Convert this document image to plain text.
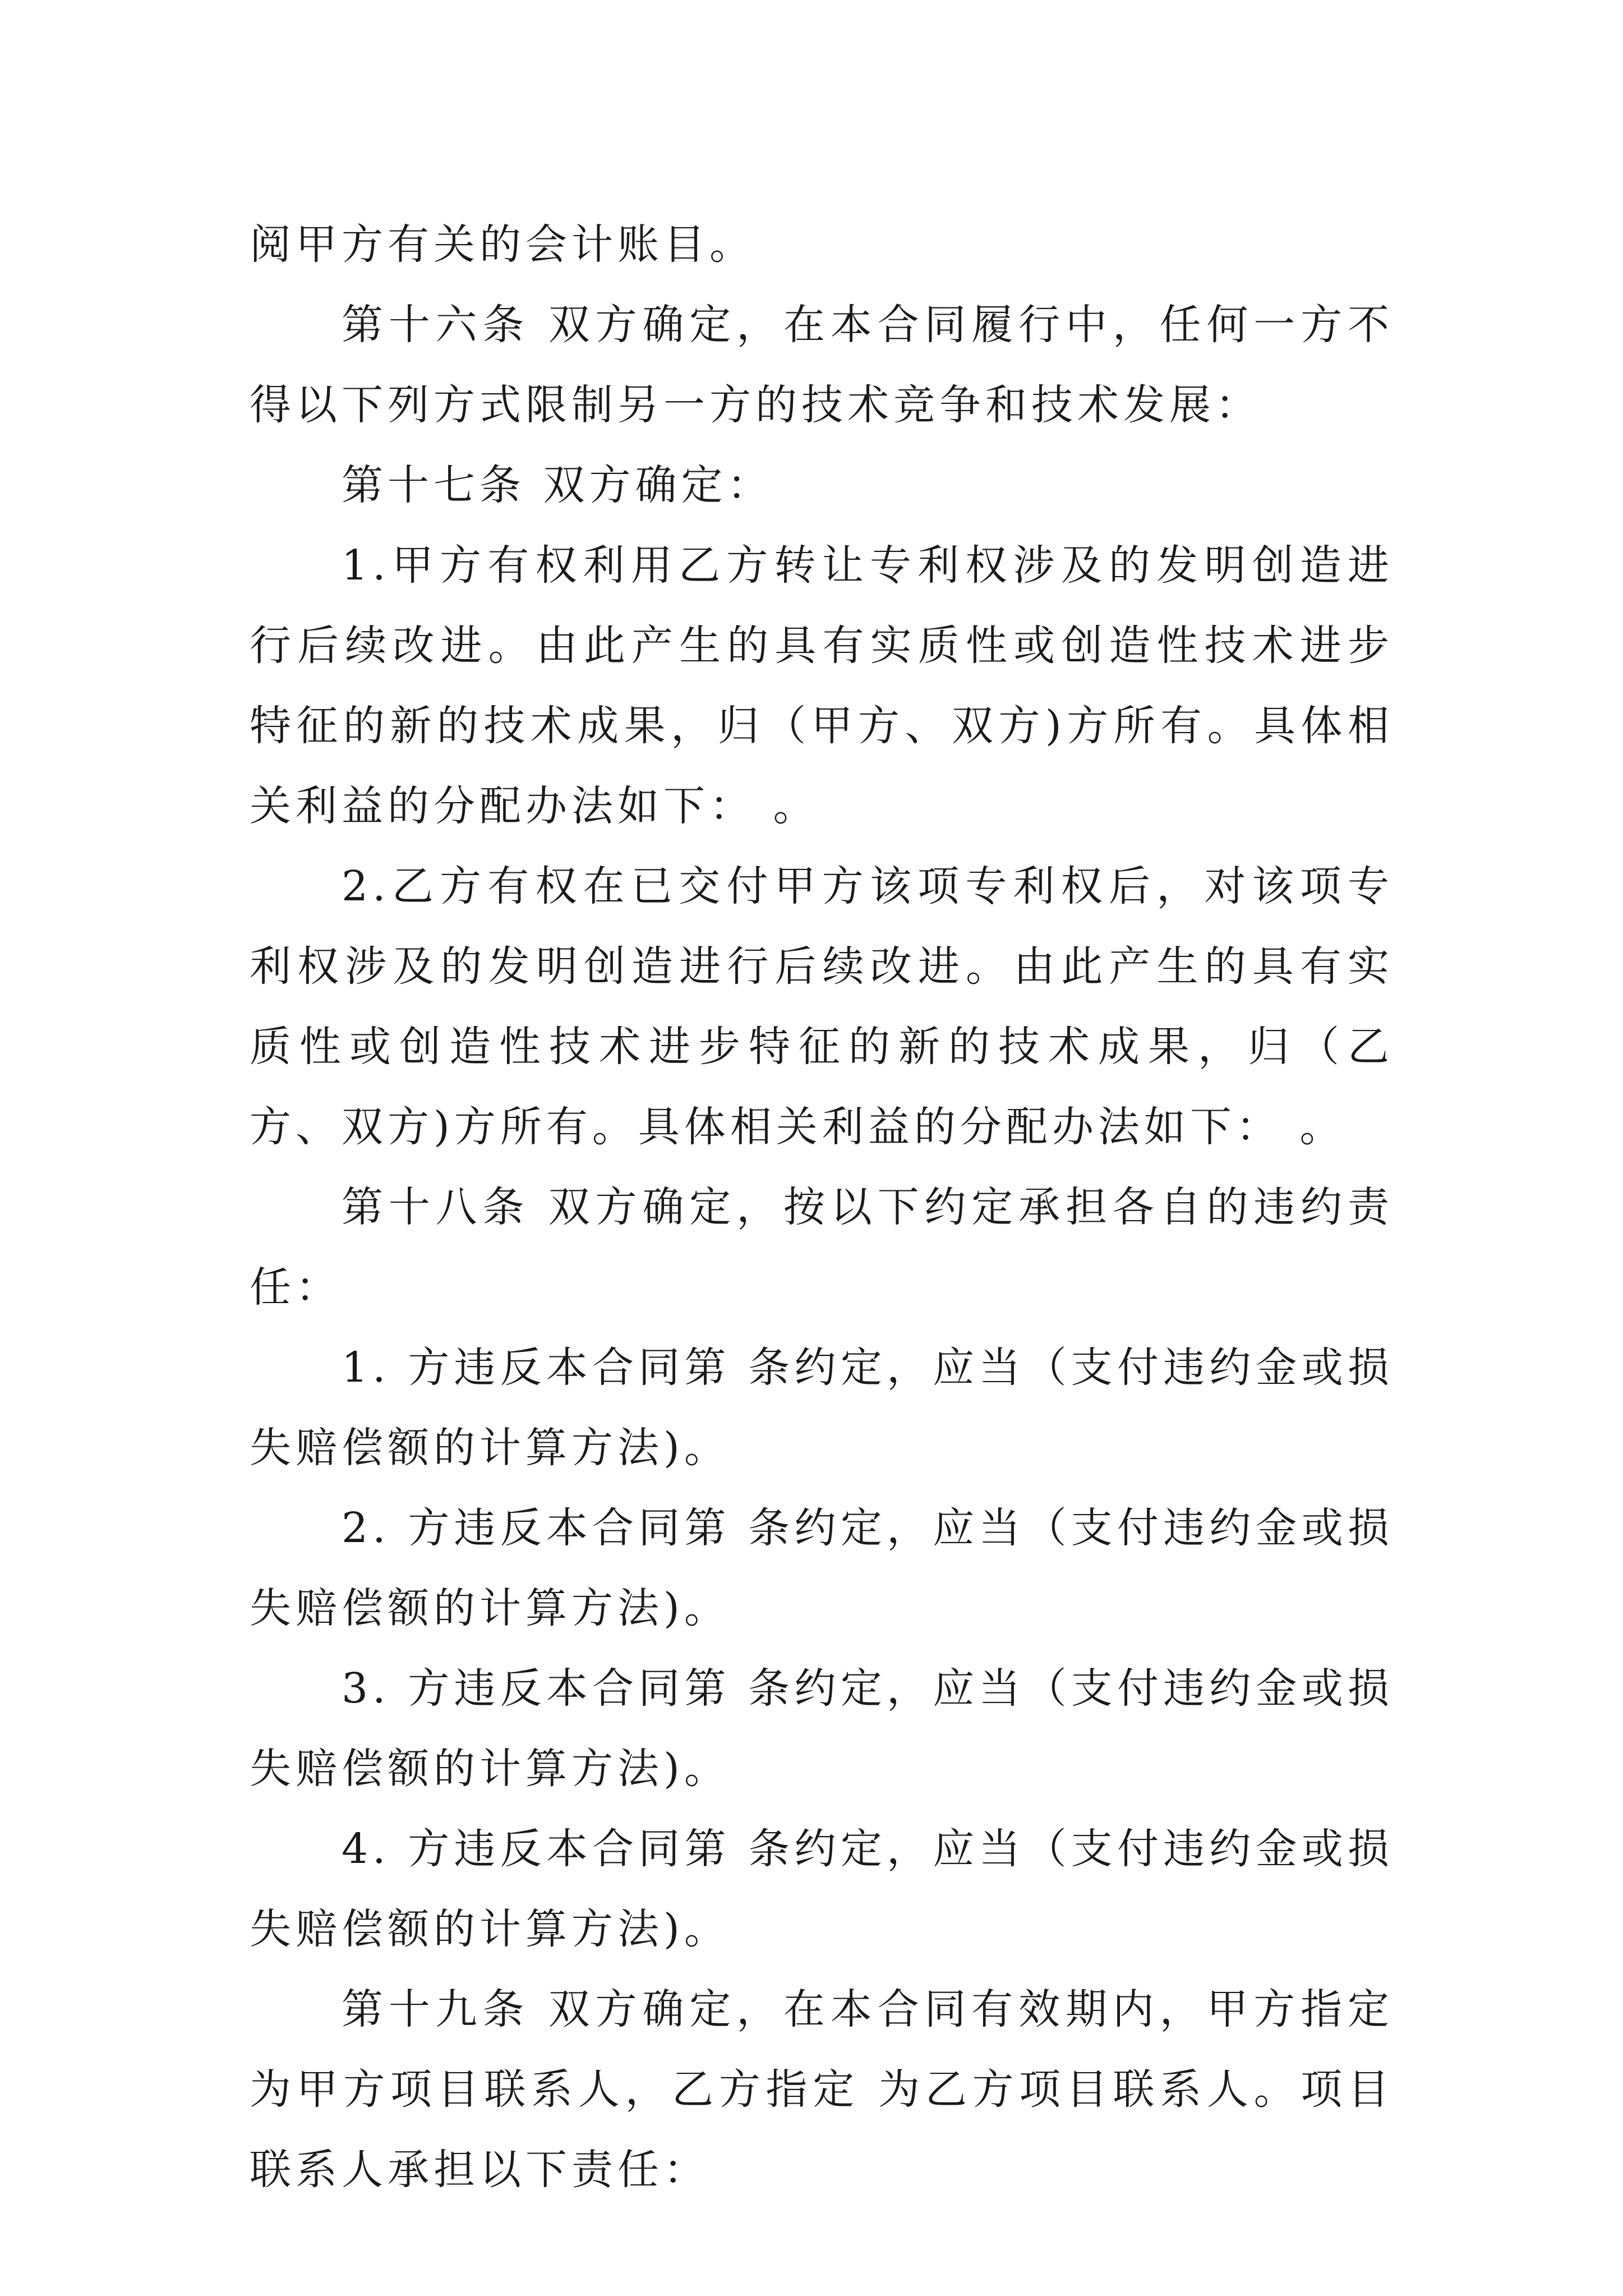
阅甲方有关的会计账目。

第十六条 双方确定，在本合同履行中，任何一方不得以下列方式限制另一方的技术竞争和技术发展：

第十七条 双方确定：

1.甲方有权利用乙方转让专利权涉及的发明创造进行后续改进。由此产生的具有实质性或创造性技术进步特征的新的技术成果，归（甲方、双方)方所有。具体相关利益的分配办法如下： 。

2.乙方有权在已交付甲方该项专利权后，对该项专利权涉及的发明创造进行后续改进。由此产生的具有实质性或创造性技术进步特征的新的技术成果，归（乙方、双方)方所有。具体相关利益的分配办法如下： 。

第十八条 双方确定，按以下约定承担各自的违约责任：

1. 方违反本合同第 条约定，应当（支付违约金或损失赔偿额的计算方法)。

2. 方违反本合同第 条约定，应当（支付违约金或损失赔偿额的计算方法)。

3. 方违反本合同第 条约定，应当（支付违约金或损失赔偿额的计算方法)。

4. 方违反本合同第 条约定，应当（支付违约金或损失赔偿额的计算方法)。

第十九条 双方确定，在本合同有效期内，甲方指定 为甲方项目联系人，乙方指定 为乙方项目联系人。项目联系人承担以下责任：
